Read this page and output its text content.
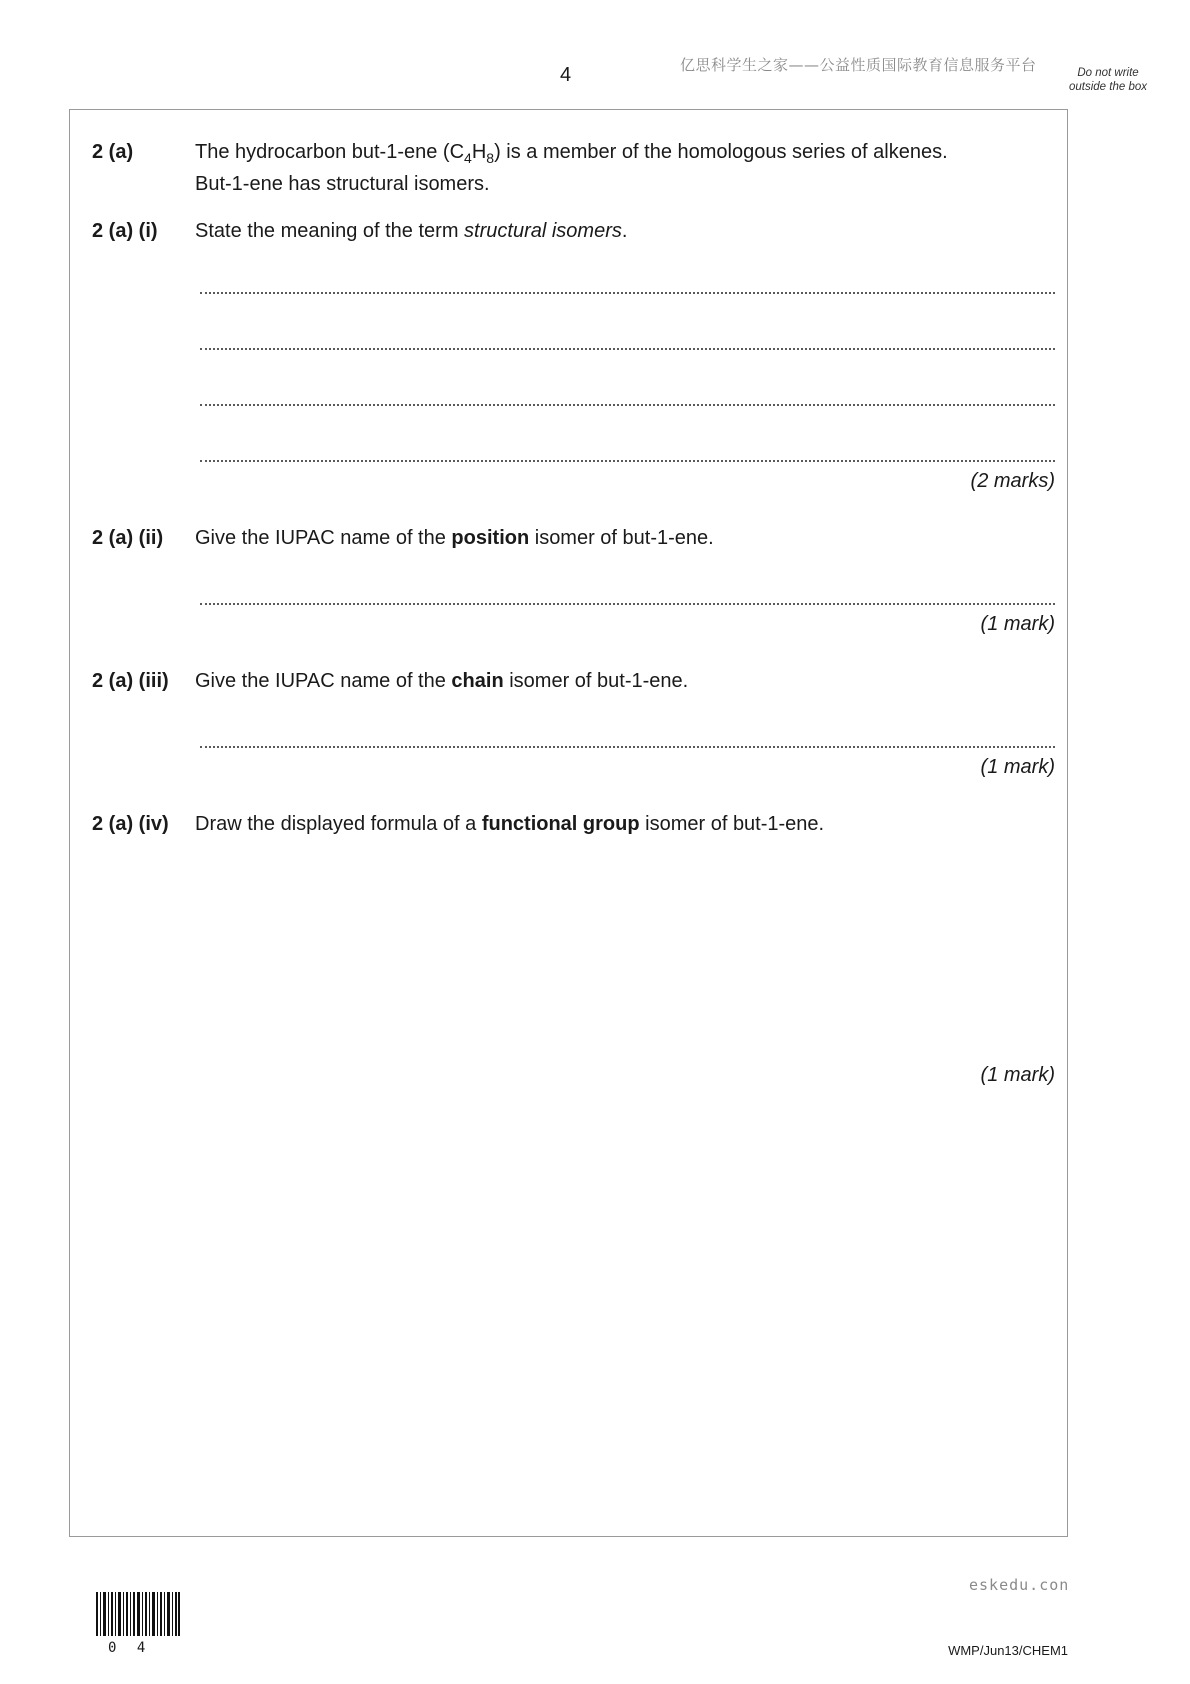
4	亿思科学生之家——公益性质国际教育信息服务平台	Do not write outside the box
2 (a)	The hydrocarbon but-1-ene $(C_4H_8)$ is a member of the homologous series of alkenes.
But-1-ene has structural isomers.
2 (a) (i) State the meaning of the term structural isomers.
(2 marks)
2 (a) (ii) Give the IUPAC name of the position isomer of but-1-ene.
(1 mark)
2 (a) (iii) Give the IUPAC name of the chain isomer of but-1-ene.
(1 mark)
2 (a) (iv) Draw the displayed formula of a functional group isomer of but-1-ene.
(1 mark)
eskedu.con
0 4	WMP/Jun13/CHEM1
